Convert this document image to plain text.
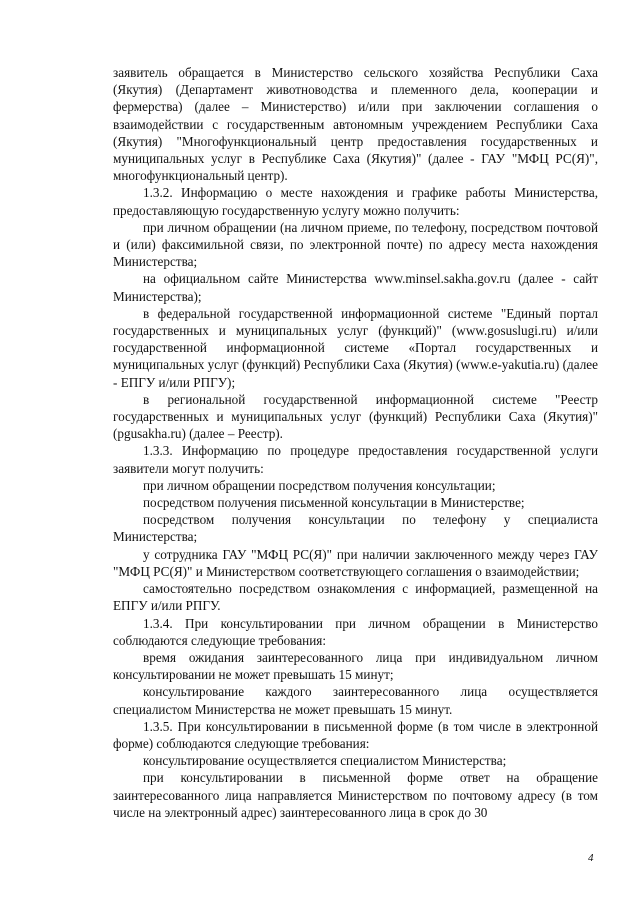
заявитель обращается в Министерство сельского хозяйства Республики Саха (Якутия) (Департамент животноводства и племенного дела, кооперации и фермерства) (далее – Министерство) и/или при заключении соглашения о взаимодействии с государственным автономным учреждением Республики Саха (Якутия) "Многофункциональный центр предоставления государственных и муниципальных услуг в Республике Саха (Якутия)" (далее - ГАУ "МФЦ РС(Я)", многофункциональный центр).

1.3.2. Информацию о месте нахождения и графике работы Министерства, предоставляющую государственную услугу можно получить:

при личном обращении (на личном приеме, по телефону, посредством почтовой и (или) факсимильной связи, по электронной почте) по адресу места нахождения Министерства;

на официальном сайте Министерства www.minsel.sakha.gov.ru (далее - сайт Министерства);

в федеральной государственной информационной системе "Единый портал государственных и муниципальных услуг (функций)" (www.gosuslugi.ru) и/или государственной информационной системе «Портал государственных и муниципальных услуг (функций) Республики Саха (Якутия) (www.e-yakutia.ru) (далее - ЕПГУ и/или РПГУ);

в региональной государственной информационной системе "Реестр государственных и муниципальных услуг (функций) Республики Саха (Якутия)" (pgusakha.ru) (далее – Реестр).

1.3.3. Информацию по процедуре предоставления государственной услуги заявители могут получить:

при личном обращении посредством получения консультации;

посредством получения письменной консультации в Министерстве;

посредством получения консультации по телефону у специалиста Министерства;

у сотрудника ГАУ "МФЦ РС(Я)" при наличии заключенного между через ГАУ "МФЦ РС(Я)" и Министерством соответствующего соглашения о взаимодействии;

самостоятельно посредством ознакомления с информацией, размещенной на ЕПГУ и/или РПГУ.

1.3.4. При консультировании при личном обращении в Министерство соблюдаются следующие требования:

время ожидания заинтересованного лица при индивидуальном личном консультировании не может превышать 15 минут;

консультирование каждого заинтересованного лица осуществляется специалистом Министерства не может превышать 15 минут.

1.3.5. При консультировании в письменной форме (в том числе в электронной форме) соблюдаются следующие требования:

консультирование осуществляется специалистом Министерства;

при консультировании в письменной форме ответ на обращение заинтересованного лица направляется Министерством по почтовому адресу (в том числе на электронный адрес) заинтересованного лица в срок до 30

4
